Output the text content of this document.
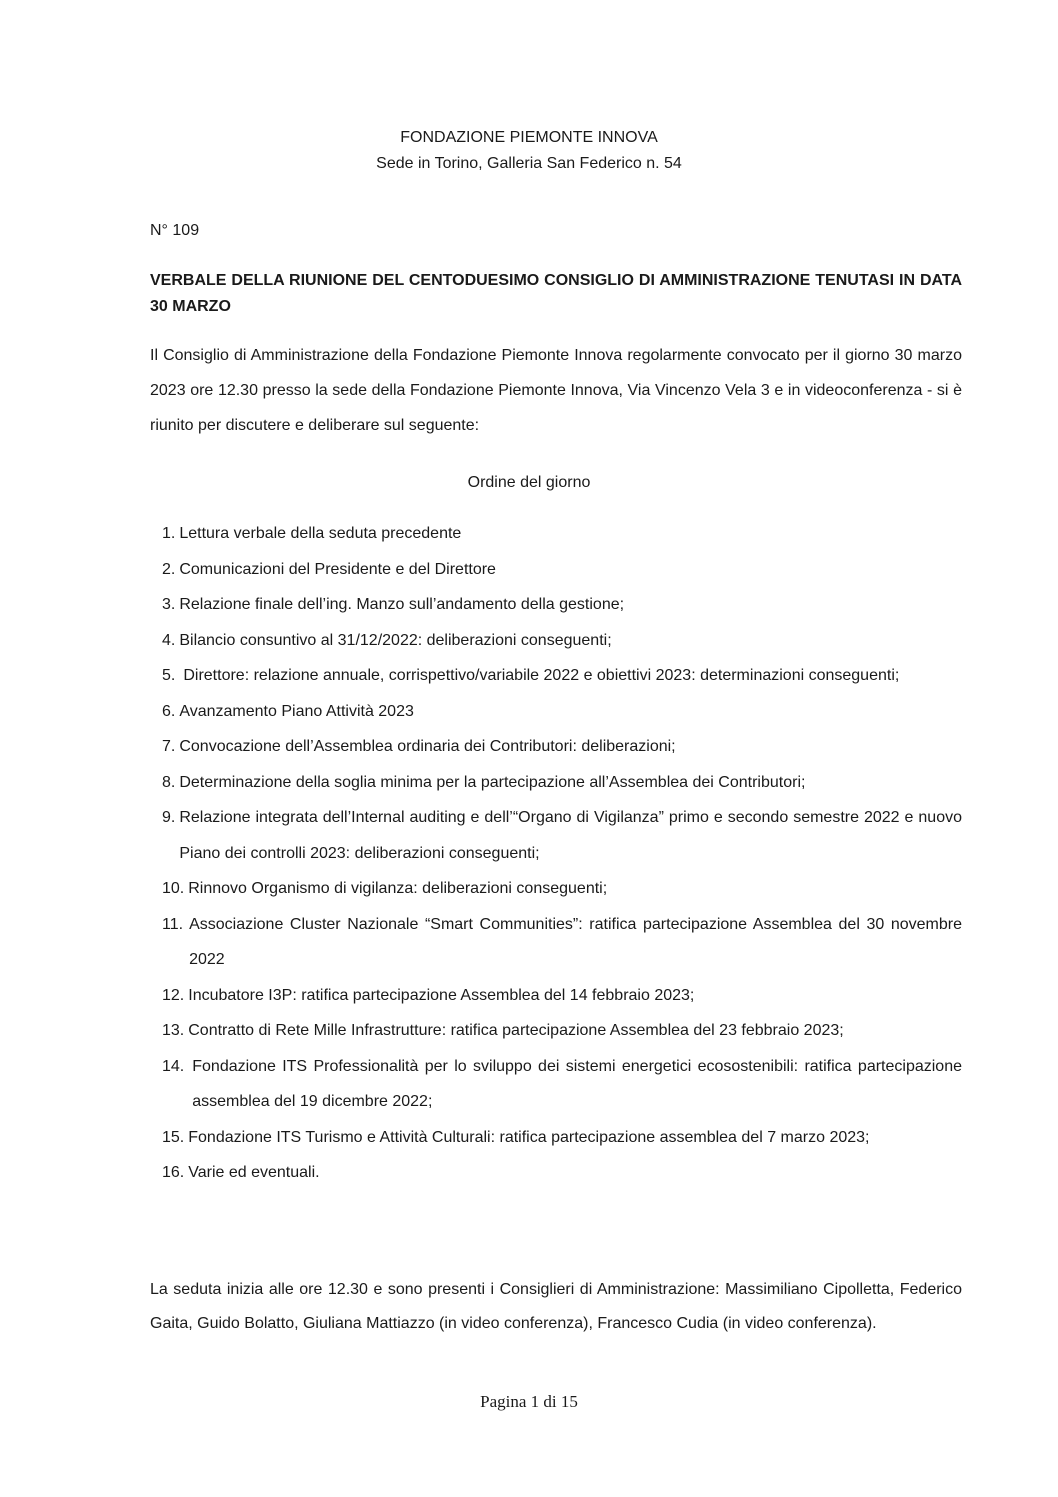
FONDAZIONE PIEMONTE INNOVA
Sede in Torino, Galleria San Federico n. 54
N° 109
VERBALE DELLA RIUNIONE DEL CENTODUESIMO CONSIGLIO DI AMMINISTRAZIONE TENUTASI IN DATA 30 MARZO
Il Consiglio di Amministrazione della Fondazione Piemonte Innova regolarmente convocato per il giorno 30 marzo 2023 ore 12.30 presso la sede della Fondazione Piemonte Innova, Via Vincenzo Vela 3 e in videoconferenza - si è riunito per discutere e deliberare sul seguente:
Ordine del giorno
1. Lettura verbale della seduta precedente
2. Comunicazioni del Presidente e del Direttore
3. Relazione finale dell’ing. Manzo sull’andamento della gestione;
4. Bilancio consuntivo al 31/12/2022: deliberazioni conseguenti;
5. Direttore: relazione annuale, corrispettivo/variabile 2022 e obiettivi 2023: determinazioni conseguenti;
6. Avanzamento Piano Attività 2023
7. Convocazione dell’Assemblea ordinaria dei Contributori: deliberazioni;
8. Determinazione della soglia minima per la partecipazione all’Assemblea dei Contributori;
9. Relazione integrata dell’Internal auditing e dell’“Organo di Vigilanza” primo e secondo semestre 2022 e nuovo Piano dei controlli 2023: deliberazioni conseguenti;
10. Rinnovo Organismo di vigilanza: deliberazioni conseguenti;
11. Associazione Cluster Nazionale “Smart Communities”: ratifica partecipazione Assemblea del 30 novembre 2022
12. Incubatore I3P: ratifica partecipazione Assemblea del 14 febbraio 2023;
13. Contratto di Rete Mille Infrastrutture: ratifica partecipazione Assemblea del 23 febbraio 2023;
14. Fondazione ITS Professionalità per lo sviluppo dei sistemi energetici ecosostenibili: ratifica partecipazione assemblea del 19 dicembre 2022;
15. Fondazione ITS Turismo e Attività Culturali: ratifica partecipazione assemblea del 7 marzo 2023;
16. Varie ed eventuali.
La seduta inizia alle ore 12.30 e sono presenti i Consiglieri di Amministrazione: Massimiliano Cipolletta, Federico Gaita, Guido Bolatto, Giuliana Mattiazzo (in video conferenza), Francesco Cudia (in video conferenza).
Pagina 1 di 15
